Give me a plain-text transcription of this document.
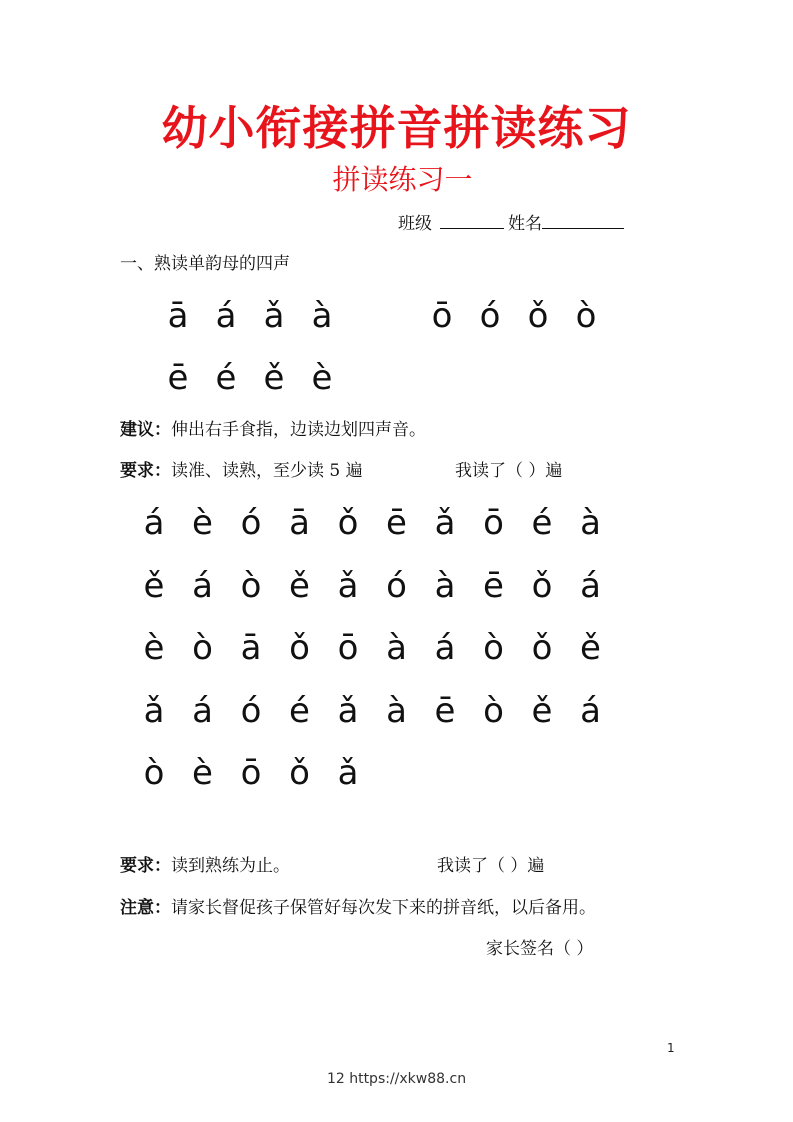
幼小衔接拼音拼读练习
拼读练习一
班级	姓名
一、熟读单韵母的四声
ā á ǎ à	ō ó ǒ ò
ē é ě è
建议：伸出右手食指，边读边划四声音。
要求：读准、读熟，至少读 5 遍	我读了（ ）遍
á è ó ā ǒ ē ǎ ō é à
ě á ò ě ǎ ó à ē ǒ á
è ò ā ǒ ō à á ò ǒ ě
ǎ á ó é ǎ à ē ò ě á
ò è ō ǒ ǎ
要求：读到熟练为止。	我读了（ ）遍
注意：请家长督促孩子保管好每次发下来的拼音纸，以后备用。
家长签名（ ）
1
12 https://xkw88.cn
